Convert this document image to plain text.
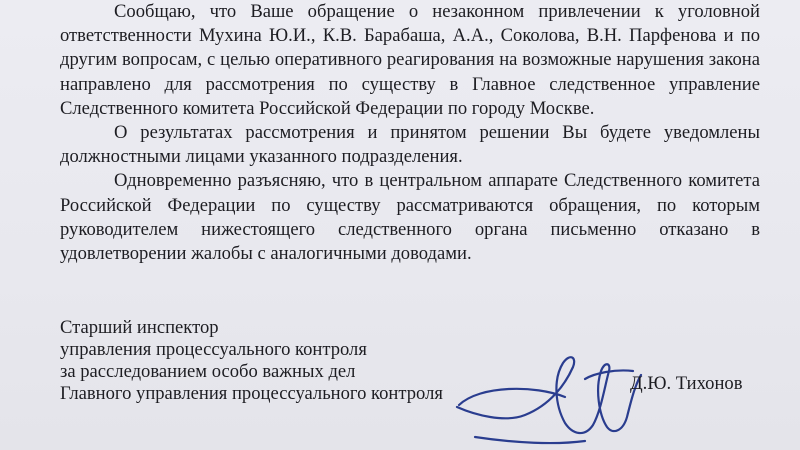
Сообщаю, что Ваше обращение о незаконном привлечении к уголовной ответственности Мухина Ю.И., К.В. Барабаша, А.А., Соколова, В.Н. Парфенова и по другим вопросам, с целью оперативного реагирования на возможные нарушения закона направлено для рассмотрения по существу в Главное следственное управление Следственного комитета Российской Федерации по городу Москве.

О результатах рассмотрения и принятом решении Вы будете уведомлены должностными лицами указанного подразделения.

Одновременно разъясняю, что в центральном аппарате Следственного комитета Российской Федерации по существу рассматриваются обращения, по которым руководителем нижестоящего следственного органа письменно отказано в удовлетворении жалобы с аналогичными доводами.

Старший инспектор
управления процессуального контроля
за расследованием особо важных дел
Главного управления процессуального контроля	Д.Ю. Тихонов
